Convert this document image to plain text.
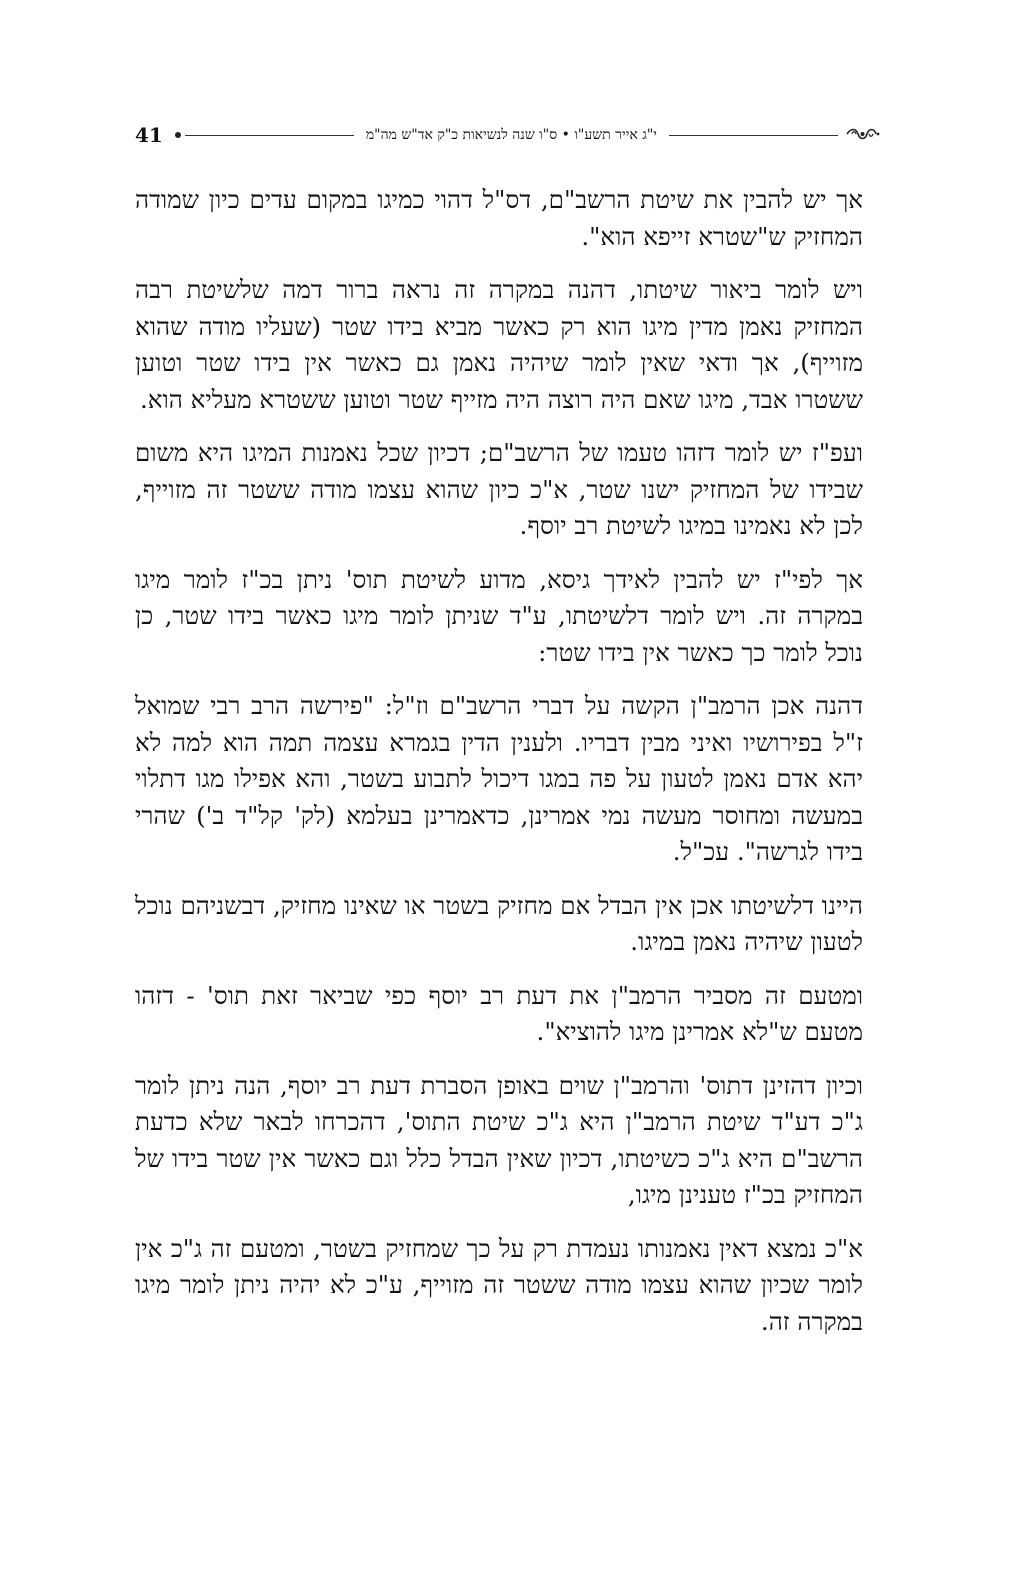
41	י"ג אייר תשע"ו • ס"ו שנה לנשיאות כ"ק אד"ש מה"מ

אך יש להבין את שיטת הרשב"ם, דס"ל דהוי כמיגו במקום עדים כיון שמודה המחזיק ש"שטרא זייפא הוא".

ויש לומר ביאור שיטתו, דהנה במקרה זה נראה ברור דמה שלשיטת רבה המחזיק נאמן מדין מיגו הוא רק כאשר מביא בידו שטר (שעליו מודה שהוא מזוייף), אך ודאי שאין לומר שיהיה נאמן גם כאשר אין בידו שטר וטוען ששטרו אבד, מיגו שאם היה רוצה היה מזייף שטר וטוען ששטרא מעליא הוא.

ועפ"ז יש לומר דזהו טעמו של הרשב"ם; דכיון שכל נאמנות המיגו היא משום שבידו של המחזיק ישנו שטר, א"כ כיון שהוא עצמו מודה ששטר זה מזוייף, לכן לא נאמינו במיגו לשיטת רב יוסף.

אך לפי"ז יש להבין לאידך גיסא, מדוע לשיטת תוס' ניתן בכ"ז לומר מיגו במקרה זה. ויש לומר דלשיטתו, ע"ד שניתן לומר מיגו כאשר בידו שטר, כן נוכל לומר כך כאשר אין בידו שטר:

דהנה אכן הרמב"ן הקשה על דברי הרשב"ם וז"ל: "פירשה הרב רבי שמואל ז"ל בפירושיו ואיני מבין דבריו. ולענין הדין בגמרא עצמה תמה הוא למה לא יהא אדם נאמן לטעון על פה במגו דיכול לתבוע בשטר, והא אפילו מגו דתלוי במעשה ומחוסר מעשה נמי אמרינן, כדאמרינן בעלמא (לק' קל"ד ב') שהרי בידו לגרשה". עכ"ל.

היינו דלשיטתו אכן אין הבדל אם מחזיק בשטר או שאינו מחזיק, דבשניהם נוכל לטעון שיהיה נאמן במיגו.

ומטעם זה מסביר הרמב"ן את דעת רב יוסף כפי שביאר זאת תוס' - דזהו מטעם ש"לא אמרינן מיגו להוציא".

וכיון דהזינן דתוס' והרמב"ן שוים באופן הסברת דעת רב יוסף, הנה ניתן לומר ג"כ דע"ד שיטת הרמב"ן היא ג"כ שיטת התוס', דהכרחו לבאר שלא כדעת הרשב"ם היא ג"כ כשיטתו, דכיון שאין הבדל כלל וגם כאשר אין שטר בידו של המחזיק בכ"ז טענינן מיגו,

א"כ נמצא דאין נאמנותו נעמדת רק על כך שמחזיק בשטר, ומטעם זה ג"כ אין לומר שכיון שהוא עצמו מודה ששטר זה מזוייף, ע"כ לא יהיה ניתן לומר מיגו במקרה זה.
